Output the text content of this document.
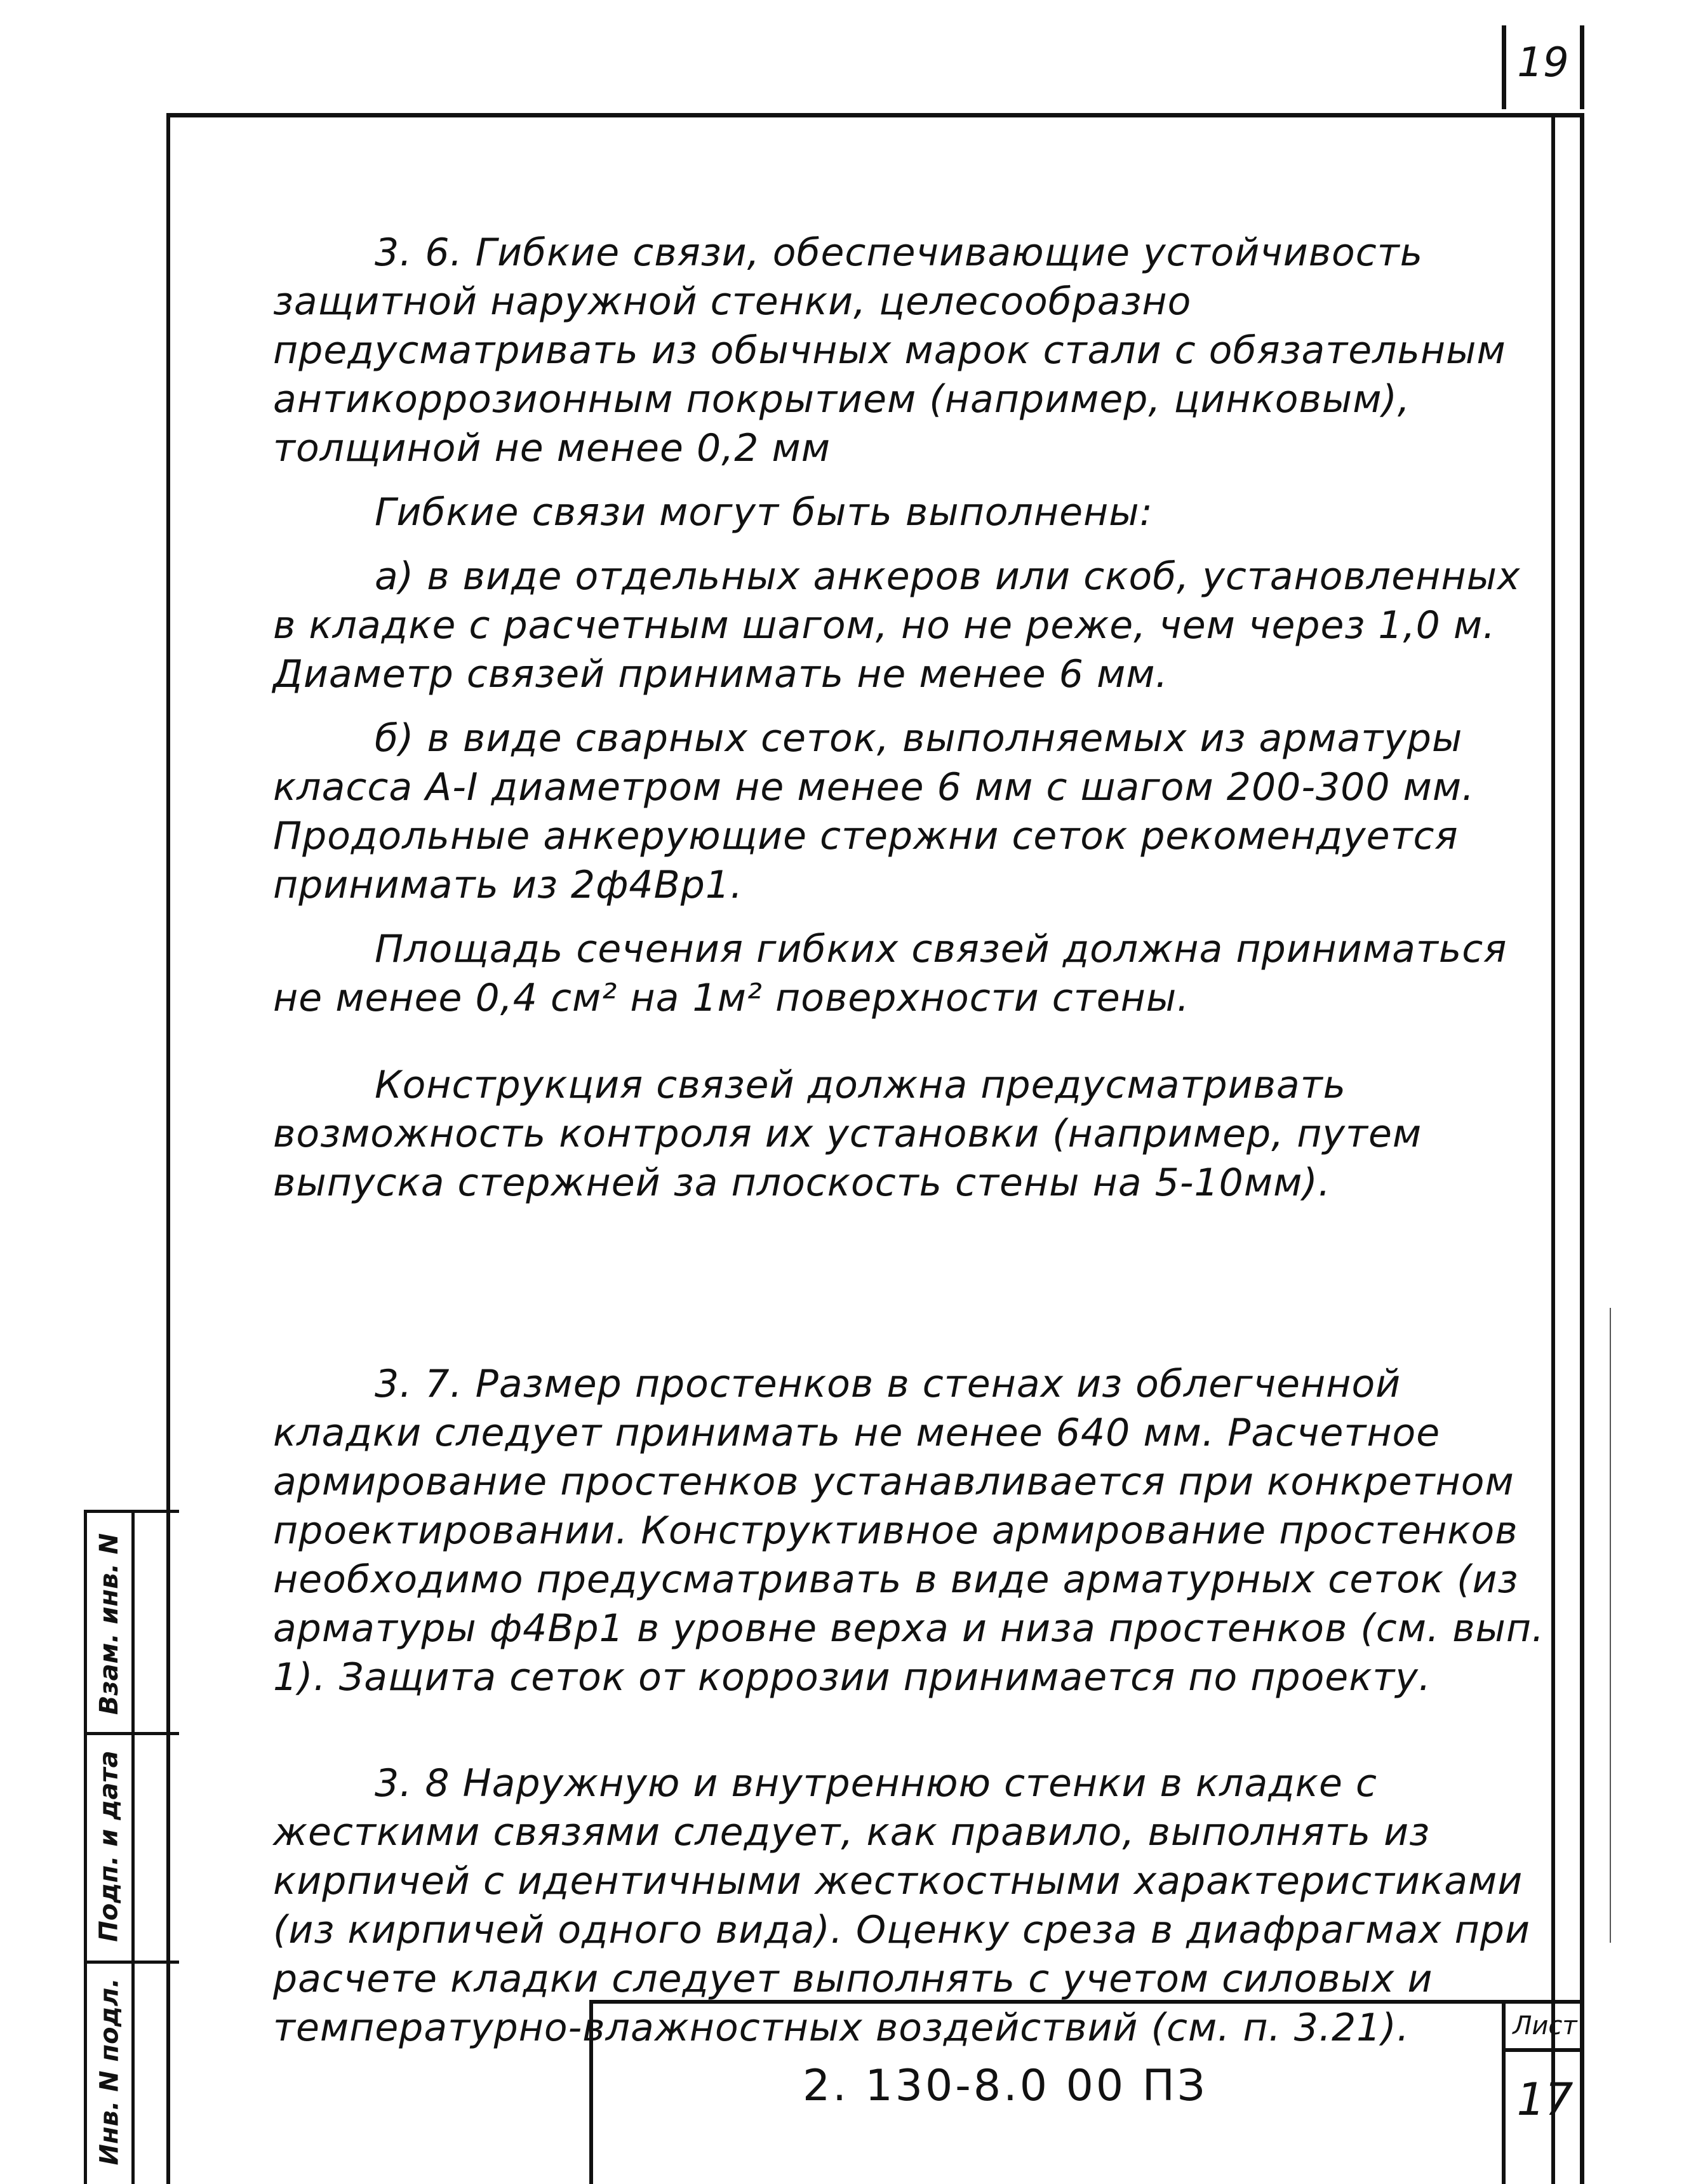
19

3. 6. Гибкие связи, обеспечивающие устойчивость защитной наружной стенки, целесообразно предусматривать из обычных марок стали с обязательным антикоррозионным покрытием (например, цинковым), толщиной не менее 0,2 мм

Гибкие связи могут быть выполнены:

а) в виде отдельных анкеров или скоб, установленных в кладке с расчетным шагом, но не реже, чем через 1,0 м. Диаметр связей принимать не менее 6 мм.

б) в виде сварных сеток, выполняемых из арматуры класса А-I диаметром не менее 6 мм с шагом 200-300 мм. Продольные анкерующие стержни сеток рекомендуется принимать из 2ф4Вр1.

Площадь сечения гибких связей должна приниматься не менее 0,4 см² на 1м² поверхности стены.

Конструкция связей должна предусматривать возможность контроля их установки (например, путем выпуска стержней за плоскость стены на 5-10мм).

3. 7. Размер простенков в стенах из облегченной кладки следует принимать не менее 640 мм. Расчетное армирование простенков устанавливается при конкретном проектировании. Конструктивное армирование простенков необходимо предусматривать в виде арматурных сеток (из арматуры ф4Вр1 в уровне верха и низа простенков (см. вып. 1). Защита сеток от коррозии принимается по проекту.

3. 8 Наружную и внутреннюю стенки в кладке с жесткими связями следует, как правило, выполнять из кирпичей с идентичными жесткостными характеристиками (из кирпичей одного вида). Оценку среза в диафрагмах при расчете кладки следует выполнять с учетом силовых и температурно-влажностных воздействий (см. п. 3.21).

Взам. инв. N
Подп. и дата
Инв. N подл.	2. 130-8.0 00 ПЗ
Лист
17
